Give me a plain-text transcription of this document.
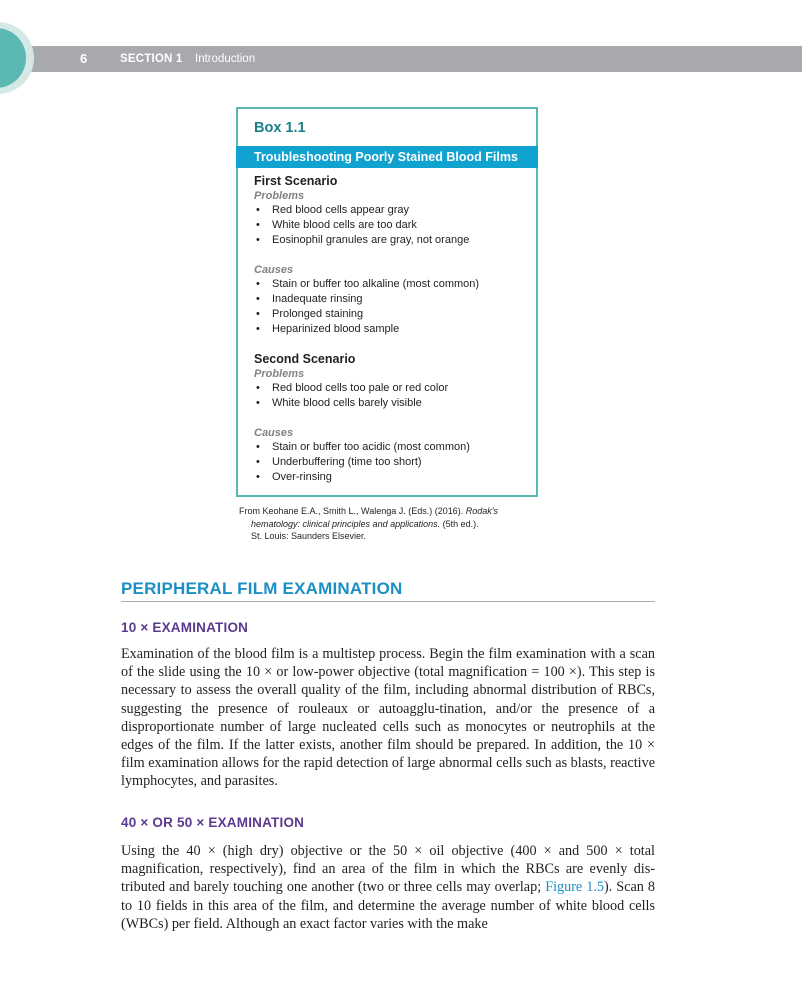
6	SECTION 1 Introduction
Box 1.1
Troubleshooting Poorly Stained Blood Films
First Scenario
Problems
• Red blood cells appear gray
• White blood cells are too dark
• Eosinophil granules are gray, not orange
Causes
• Stain or buffer too alkaline (most common)
• Inadequate rinsing
• Prolonged staining
• Heparinized blood sample
Second Scenario
Problems
• Red blood cells too pale or red color
• White blood cells barely visible
Causes
• Stain or buffer too acidic (most common)
• Underbuffering (time too short)
• Over-rinsing
From Keohane E.A., Smith L., Walenga J. (Eds.) (2016). Rodak's
hematology: clinical principles and applications. (5th ed.).
St. Louis: Saunders Elsevier.
PERIPHERAL FILM EXAMINATION
10 × EXAMINATION
Examination of the blood film is a multistep process. Begin the film examination with a scan of the slide using the 10 × or low-power objective (total magnification = 100 ×). This step is necessary to assess the overall quality of the film, including abnormal distribution of RBCs, suggesting the presence of rouleaux or autoagglu-tination, and/or the presence of a disproportionate number of large nucleated cells such as monocytes or neutrophils at the edges of the film. If the latter exists, another film should be prepared. In addition, the 10 × film examination allows for the rapid detection of large abnormal cells such as blasts, reactive lymphocytes, and parasites.
40 × OR 50 × EXAMINATION
Using the 40 × (high dry) objective or the 50 × oil objective (400 × and 500 × total magnification, respectively), find an area of the film in which the RBCs are evenly dis-tributed and barely touching one another (two or three cells may overlap; Figure 1.5). Scan 8 to 10 fields in this area of the film, and determine the average number of white blood cells (WBCs) per field. Although an exact factor varies with the make
